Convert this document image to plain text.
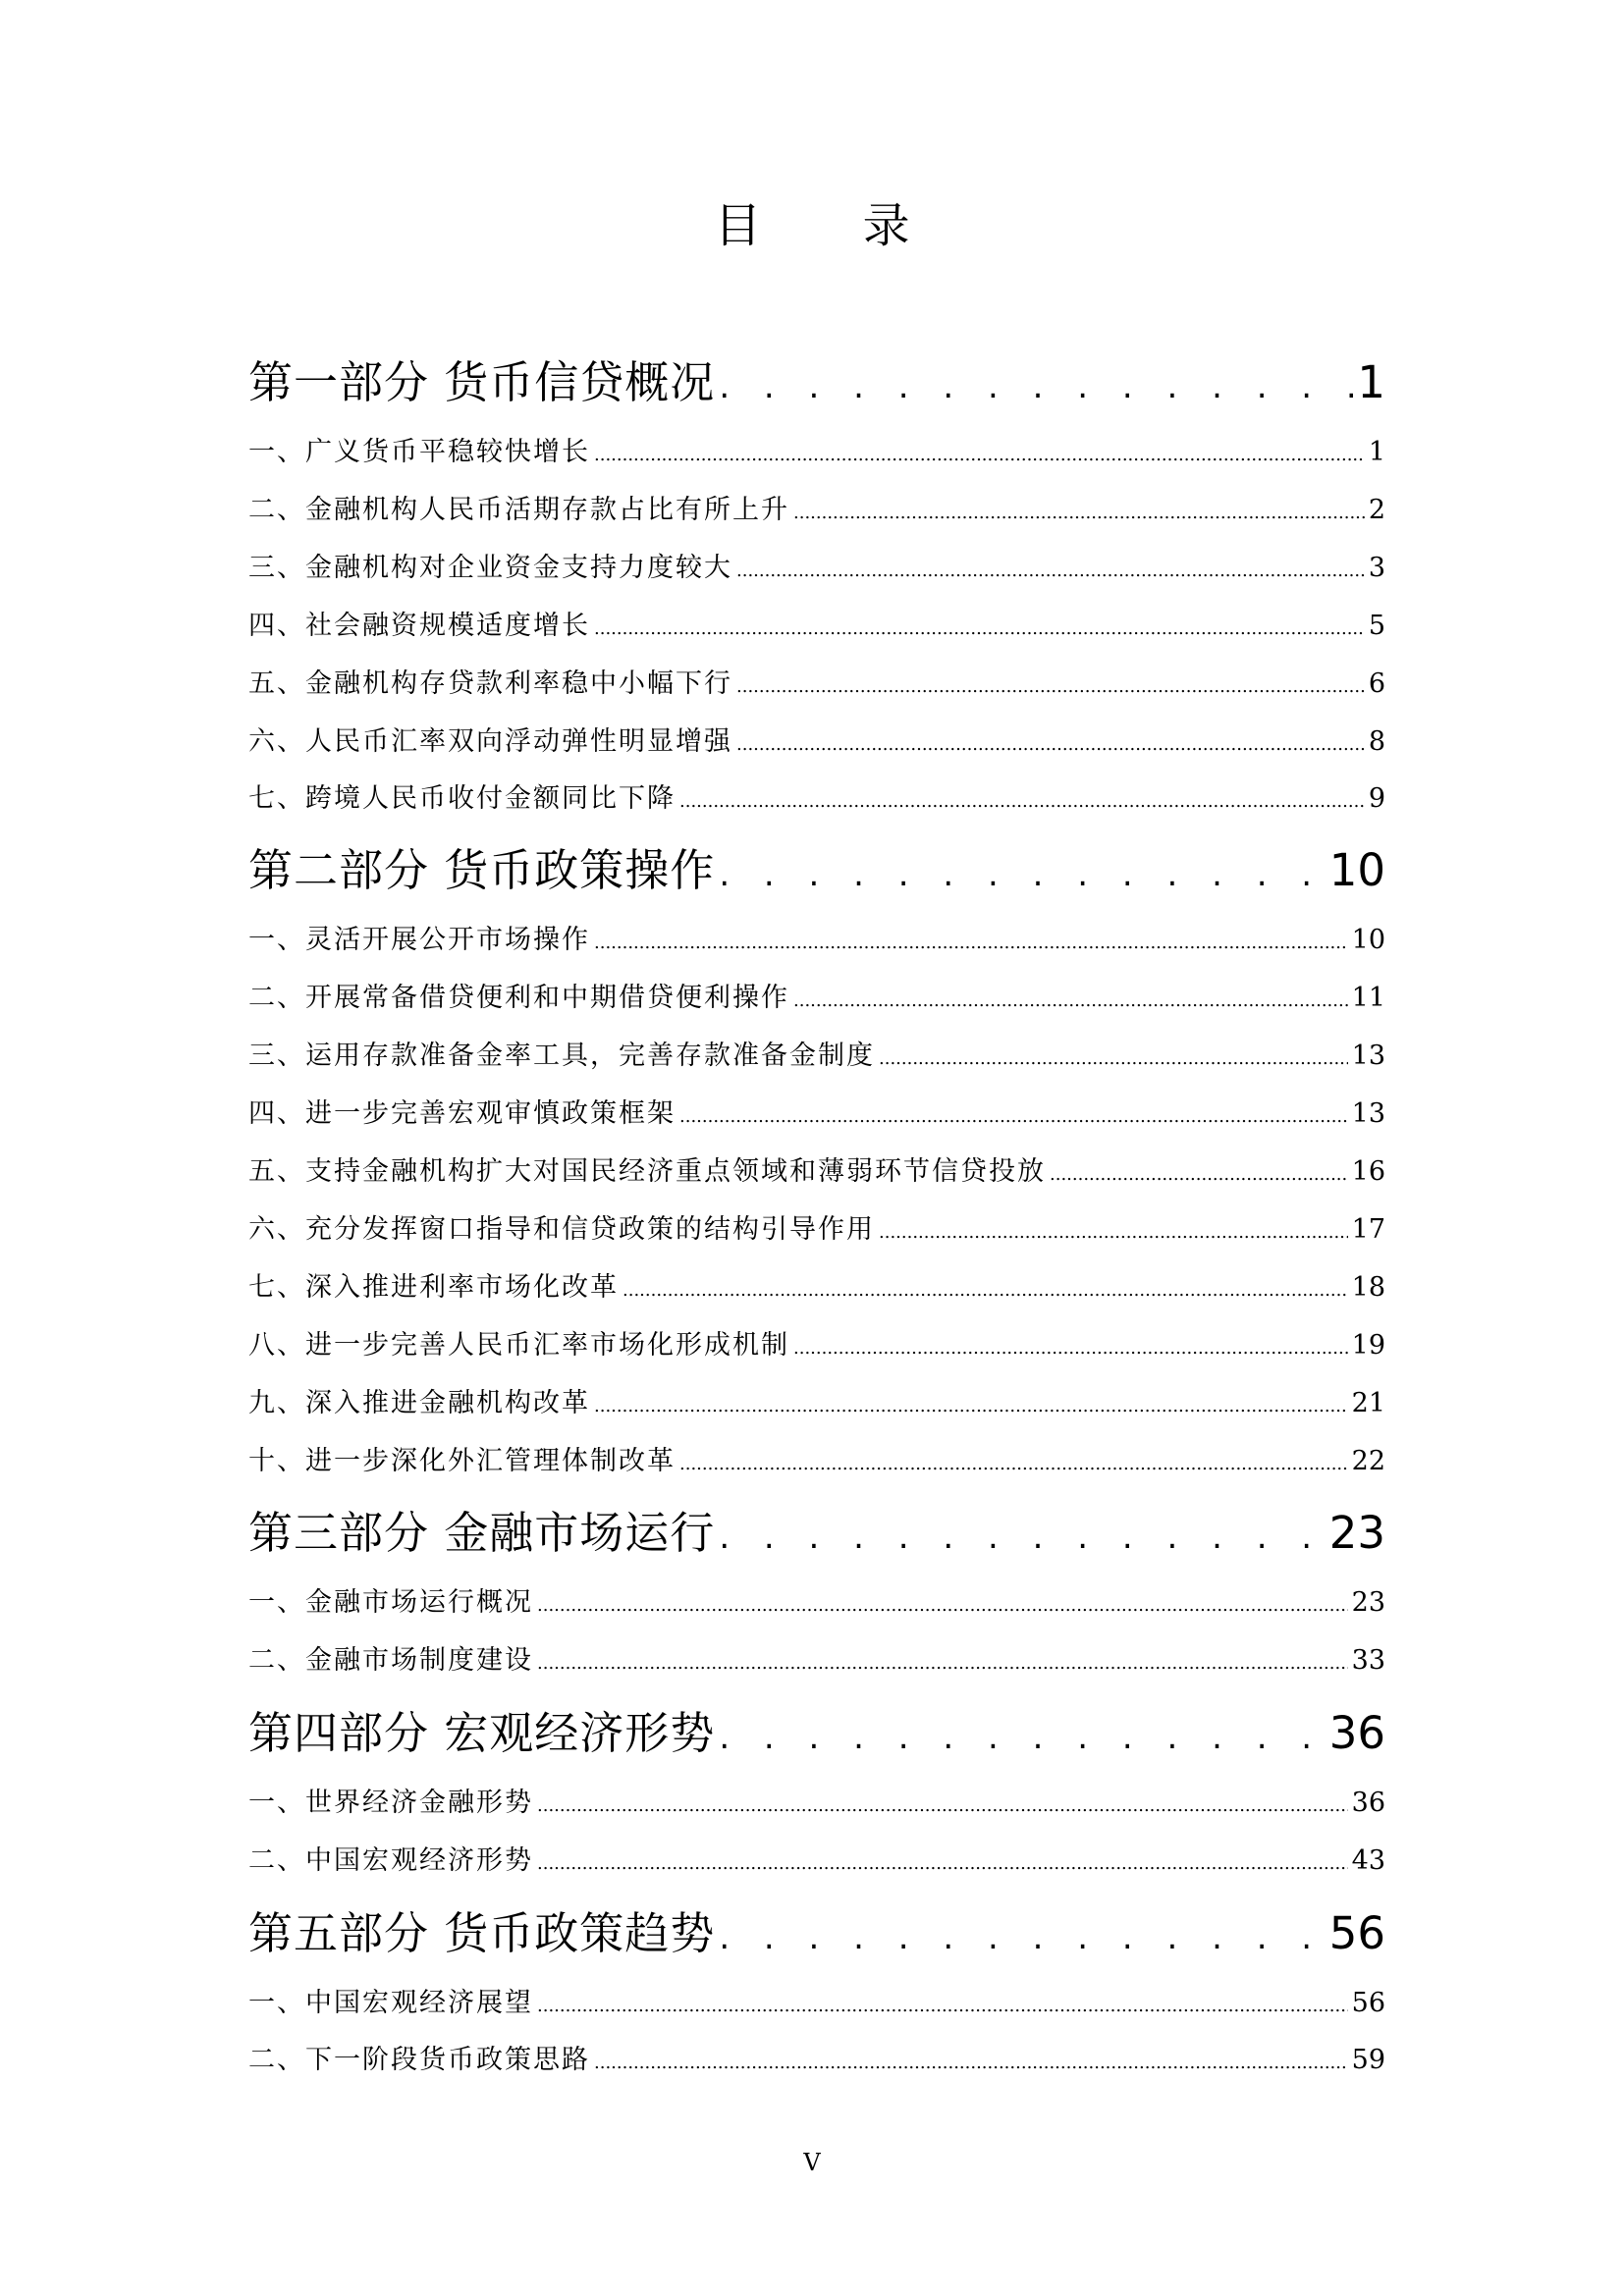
目 录
第一部分 货币信贷概况 . . .	1
一、广义货币平稳较快增长 .....	1
二、金融机构人民币活期存款占比有所上升 .....	2
三、金融机构对企业资金支持力度较大 .....	3
四、社会融资规模适度增长 .....	5
五、金融机构存贷款利率稳中小幅下行 .....	6
六、人民币汇率双向浮动弹性明显增强 .....	8
七、跨境人民币收付金额同比下降 .....	9
第二部分 货币政策操作 . . .	10
一、灵活开展公开市场操作 .....	10
二、开展常备借贷便利和中期借贷便利操作 .....	11
三、运用存款准备金率工具，完善存款准备金制度 .....	13
四、进一步完善宏观审慎政策框架 .....	13
五、支持金融机构扩大对国民经济重点领域和薄弱环节信贷投放 .....	16
六、充分发挥窗口指导和信贷政策的结构引导作用 .....	17
七、深入推进利率市场化改革 .....	18
八、进一步完善人民币汇率市场化形成机制 .....	19
九、深入推进金融机构改革 .....	21
十、进一步深化外汇管理体制改革 .....	22
第三部分 金融市场运行 . . .	23
一、金融市场运行概况 .....	23
二、金融市场制度建设 .....	33
第四部分 宏观经济形势 . . .	36
一、世界经济金融形势 .....	36
二、中国宏观经济形势 .....	43
第五部分 货币政策趋势 . . .	56
一、中国宏观经济展望 .....	56
二、下一阶段货币政策思路 .....	59
V
